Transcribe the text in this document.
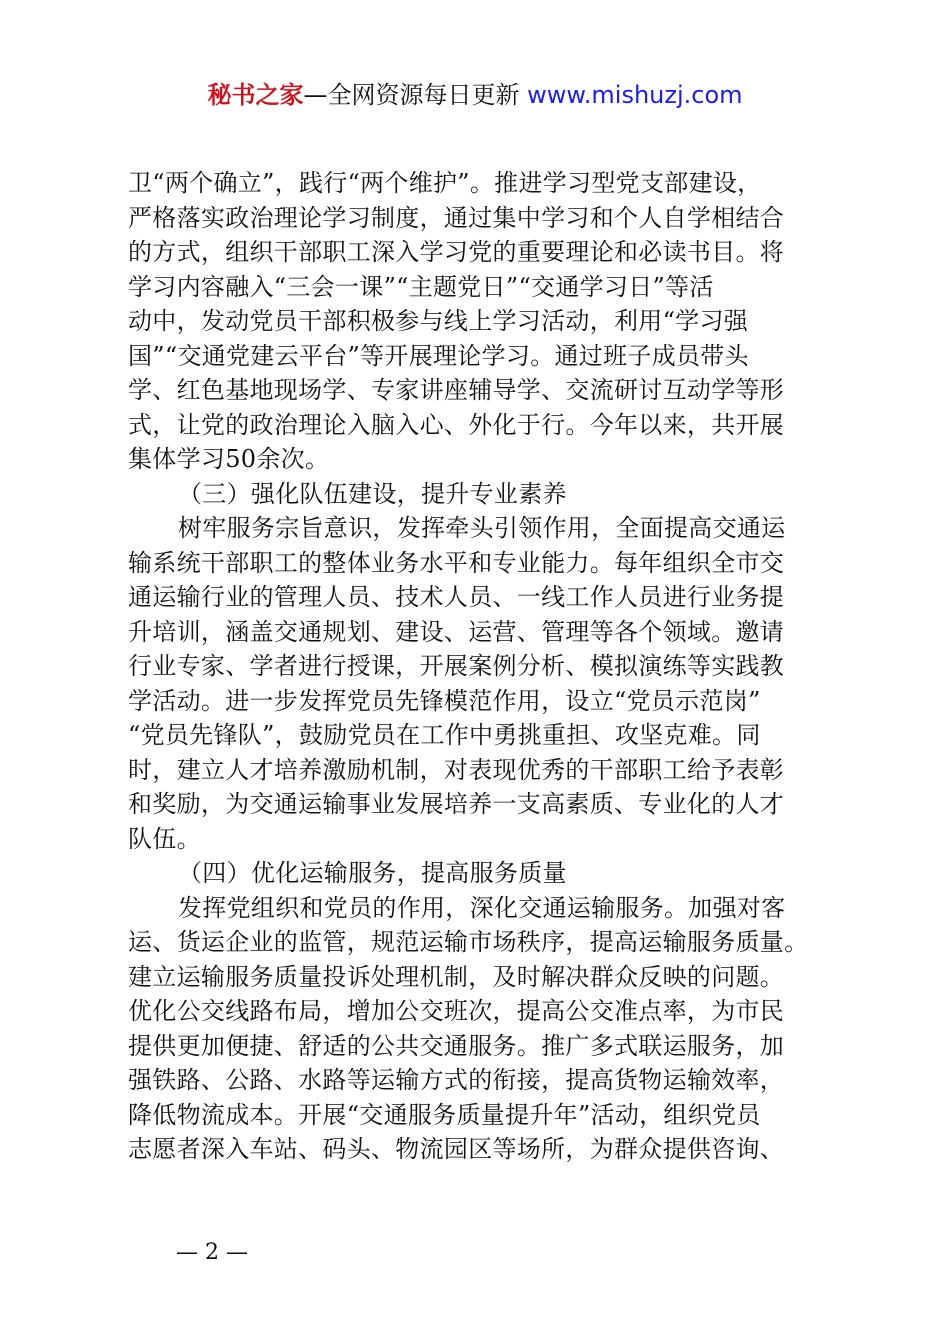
秘书之家—全网资源每日更新 www.mishuzj.com
卫“两个确立”，践行“两个维护”。推进学习型党支部建设，
严格落实政治理论学习制度，通过集中学习和个人自学相结合
的方式，组织干部职工深入学习党的重要理论和必读书目。将
学习内容融入“三会一课”“主题党日”“交通学习日”等活
动中，发动党员干部积极参与线上学习活动，利用“学习强
国”“交通党建云平台”等开展理论学习。通过班子成员带头
学、红色基地现场学、专家讲座辅导学、交流研讨互动学等形
式，让党的政治理论入脑入心、外化于行。今年以来，共开展
集体学习50余次。
（三）强化队伍建设，提升专业素养
树牢服务宗旨意识，发挥牵头引领作用，全面提高交通运
输系统干部职工的整体业务水平和专业能力。每年组织全市交
通运输行业的管理人员、技术人员、一线工作人员进行业务提
升培训，涵盖交通规划、建设、运营、管理等各个领域。邀请
行业专家、学者进行授课，开展案例分析、模拟演练等实践教
学活动。进一步发挥党员先锋模范作用，设立“党员示范岗”
“党员先锋队”，鼓励党员在工作中勇挑重担、攻坚克难。同
时，建立人才培养激励机制，对表现优秀的干部职工给予表彰
和奖励，为交通运输事业发展培养一支高素质、专业化的人才
队伍。
（四）优化运输服务，提高服务质量
发挥党组织和党员的作用，深化交通运输服务。加强对客
运、货运企业的监管，规范运输市场秩序，提高运输服务质量。
建立运输服务质量投诉处理机制，及时解决群众反映的问题。
优化公交线路布局，增加公交班次，提高公交准点率，为市民
提供更加便捷、舒适的公共交通服务。推广多式联运服务，加
强铁路、公路、水路等运输方式的衔接，提高货物运输效率，
降低物流成本。开展“交通服务质量提升年”活动，组织党员
志愿者深入车站、码头、物流园区等场所，为群众提供咨询、
— 2 —
